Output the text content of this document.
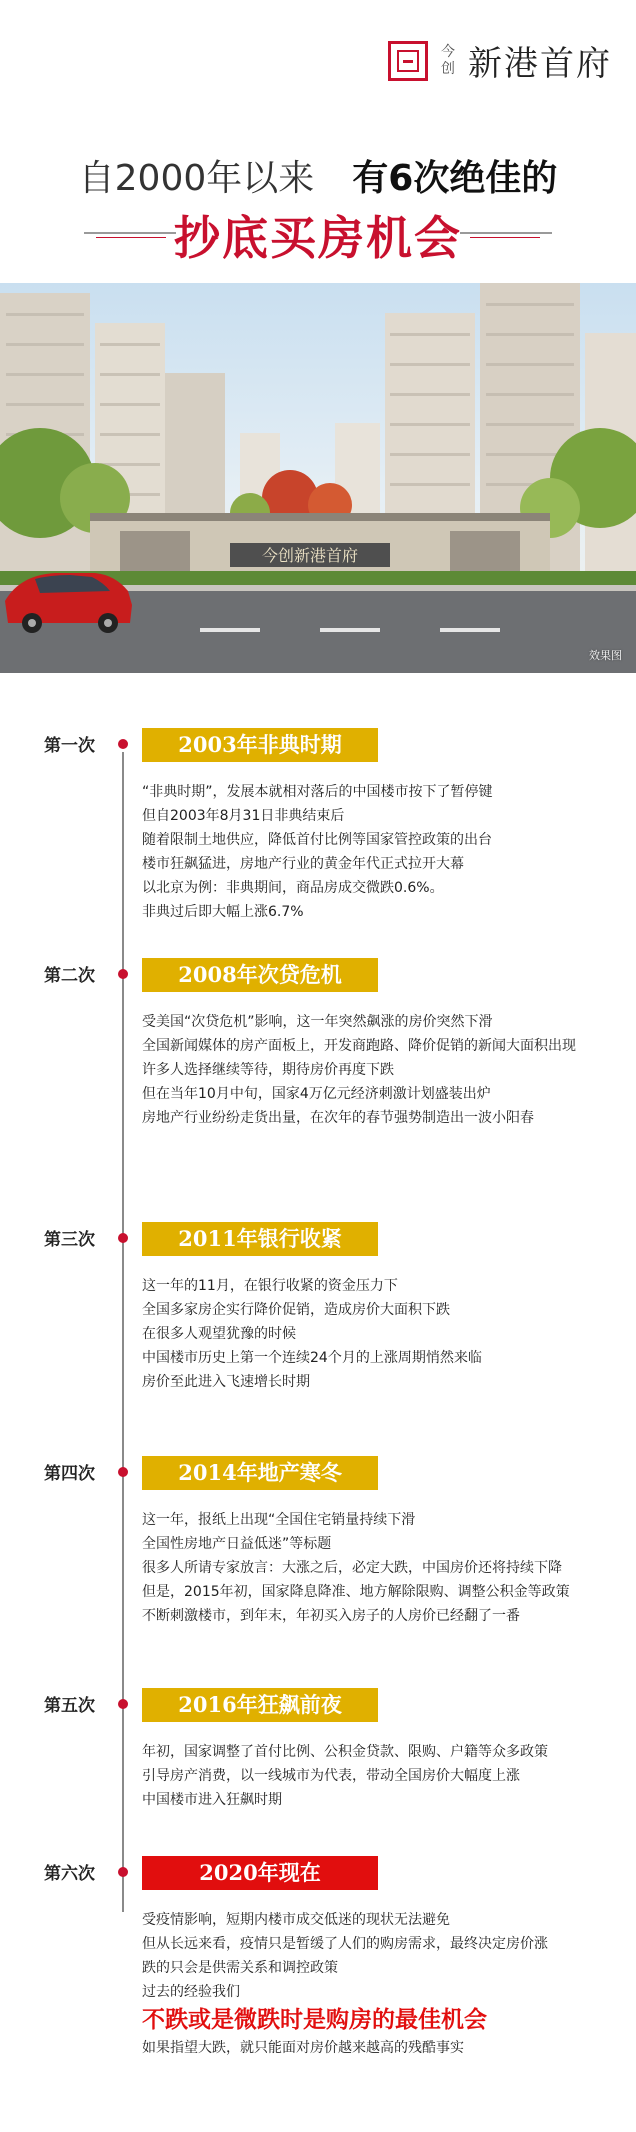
今创 新港首府
自2000年以来 有6次绝佳的
抄底买房机会
今创新港首府
效果图
第一次	2003年非典时期

“非典时期”，发展本就相对落后的中国楼市按下了暂停键

但自2003年8月31日非典结束后

随着限制土地供应，降低首付比例等国家管控政策的出台

楼市狂飙猛进，房地产行业的黄金年代正式拉开大幕

以北京为例：非典期间，商品房成交微跌0.6%。

非典过后即大幅上涨6.7%

第二次	2008年次贷危机

受美国“次贷危机”影响，这一年突然飙涨的房价突然下滑

全国新闻媒体的房产面板上，开发商跑路、降价促销的新闻大面积出现

许多人选择继续等待，期待房价再度下跌

但在当年10月中旬，国家4万亿元经济刺激计划盛装出炉

房地产行业纷纷走货出量，在次年的春节强势制造出一波小阳春

第三次	2011年银行收紧

这一年的11月，在银行收紧的资金压力下

全国多家房企实行降价促销，造成房价大面积下跌

在很多人观望犹豫的时候

中国楼市历史上第一个连续24个月的上涨周期悄然来临

房价至此进入飞速增长时期

第四次	2014年地产寒冬

这一年，报纸上出现“全国住宅销量持续下滑

全国性房地产日益低迷”等标题

很多人所请专家放言：大涨之后，必定大跌，中国房价还将持续下降

但是，2015年初，国家降息降准、地方解除限购、调整公积金等政策

不断刺激楼市，到年末，年初买入房子的人房价已经翻了一番

第五次	2016年狂飙前夜

年初，国家调整了首付比例、公积金贷款、限购、户籍等众多政策

引导房产消费，以一线城市为代表，带动全国房价大幅度上涨

中国楼市进入狂飙时期

第六次	2020年现在

受疫情影响，短期内楼市成交低迷的现状无法避免

但从长远来看，疫情只是暂缓了人们的购房需求，最终决定房价涨

跌的只会是供需关系和调控政策

过去的经验我们

不跌或是微跌时是购房的最佳机会

如果指望大跌，就只能面对房价越来越高的残酷事实
